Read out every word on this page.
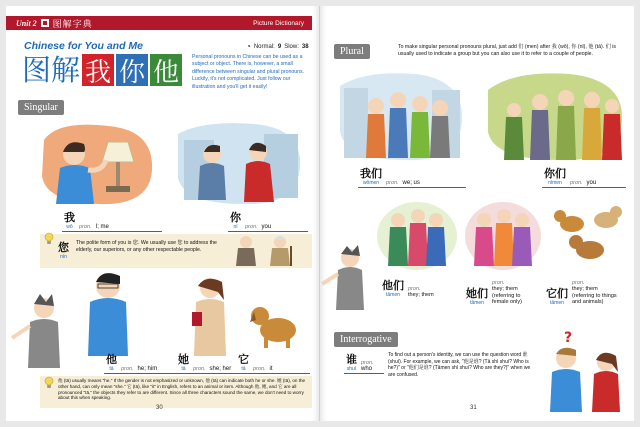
Unit 2	图解字典	Picture Dictionary
Chinese for You and Me	◔ Normal: 9 Slow: 38
图解 我 你 他	Personal pronouns in Chinese can be used as a subject or object. There is, however, a small difference between singular and plural pronouns. Luckily, it's not complicated. Just follow our illustration and you'll get it easily!
Singular
我
wǒ pron. I; me
你
nǐ pron. you
您
nín
The polite form of you is 您. We usually use 您 to address the elderly, our superiors, or any other respectable people.
他
tā pron. he; him
她
tā pron. she; her
它
tā pron. it
他 (tā) usually means "he." If the gender is not emphasized or unknown, 他 (tā) can indicate both he or she. 她 (tā), on the other hand, can only mean "she." 它 (tā), like "it" in English, refers to an animal or item. Although 他, 她, and 它 are all pronounced "tā," the objects they refer to are different. Since all three characters sound the same, we don't need to worry about this when speaking.
30
Plural	To make singular personal pronouns plural, just add 们 (men) after 我 (wǒ), 你 (nǐ), 他 (tā). 们 is usually used to indicate a group but you can also use it to refer to a couple of people.
我们
wǒmen pron. we; us
你们
nǐmen pron. you
他们
tāmen
pron.
they; them	她们
tāmen
pron.
they; them
(referring to
female only)
它们
tāmen
pron.
they; them
(referring to things
and animals)
Interrogative
谁
shuí
pron.
who
To find out a person's identity, we can use the question word 谁 (shuí). For example, we can ask, "他是谁? (Tā shì shuí? Who is he?)" or "他们是谁? (Tāmen shì shuí? Who are they?)" when we are confused.
?
31
